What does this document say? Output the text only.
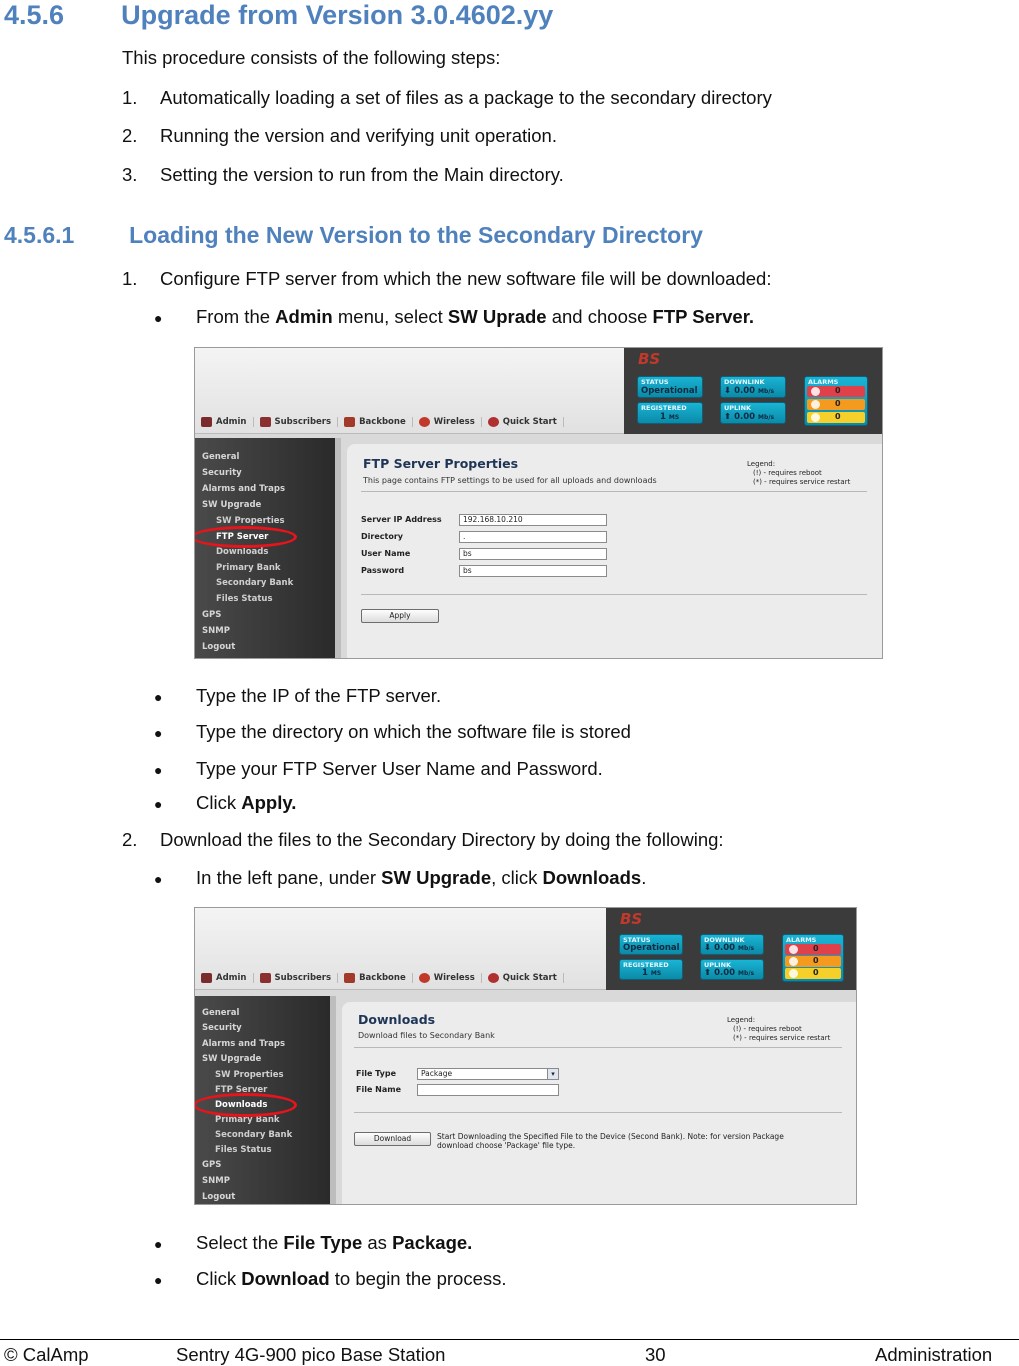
4.5.6 Upgrade from Version 3.0.4602.yy
This procedure consists of the following steps:
1. Automatically loading a set of files as a package to the secondary directory
2. Running the version and verifying unit operation.
3. Setting the version to run from the Main directory.
4.5.6.1 Loading the New Version to the Secondary Directory
1. Configure FTP server from which the new software file will be downloaded:
● From the Admin menu, select SW Uprade and choose FTP Server.
Admin	Subscribers	Backbone	Wireless	Quick Start
BS
STATUS
Operational
REGISTERED
1 MS
DOWNLINK
⬇ 0.00 Mb/s
UPLINK
⬆ 0.00 Mb/s
ALARMS
0
0
0
General
Security
Alarms and Traps
SW Upgrade
SW Properties
FTP Server
Downloads
Primary Bank
Secondary Bank
Files Status
GPS
SNMP
Logout
FTP Server Properties
This page contains FTP settings to be used for all uploads and downloads
Legend:
(!) - requires reboot
(*) - requires service restart
Server IP Address	192.168.10.210
Directory	.
User Name	bs
Password	bs
Apply
● Type the IP of the FTP server.
● Type the directory on which the software file is stored
● Type your FTP Server User Name and Password.
● Click Apply.
2. Download the files to the Secondary Directory by doing the following:
● In the left pane, under SW Upgrade, click Downloads.
Admin	Subscribers	Backbone	Wireless	Quick Start
BS
STATUS
Operational
REGISTERED
1 MS
DOWNLINK
⬇ 0.00 Mb/s
UPLINK
⬆ 0.00 Mb/s
ALARMS
0
0
0
General
Security
Alarms and Traps
SW Upgrade
SW Properties
FTP Server
Downloads
Primary Bank
Secondary Bank
Files Status
GPS
SNMP
Logout
Downloads
Download files to Secondary Bank
Legend:
(!) - requires reboot
(*) - requires service restart
File Type	Package	▾
File Name
Download	Start Downloading the Specified File to the Device (Second Bank). Note: for version Package
download choose 'Package' file type.
● Select the File Type as Package.
● Click Download to begin the process.
© CalAmp	Sentry 4G-900 pico Base Station	30	Administration
